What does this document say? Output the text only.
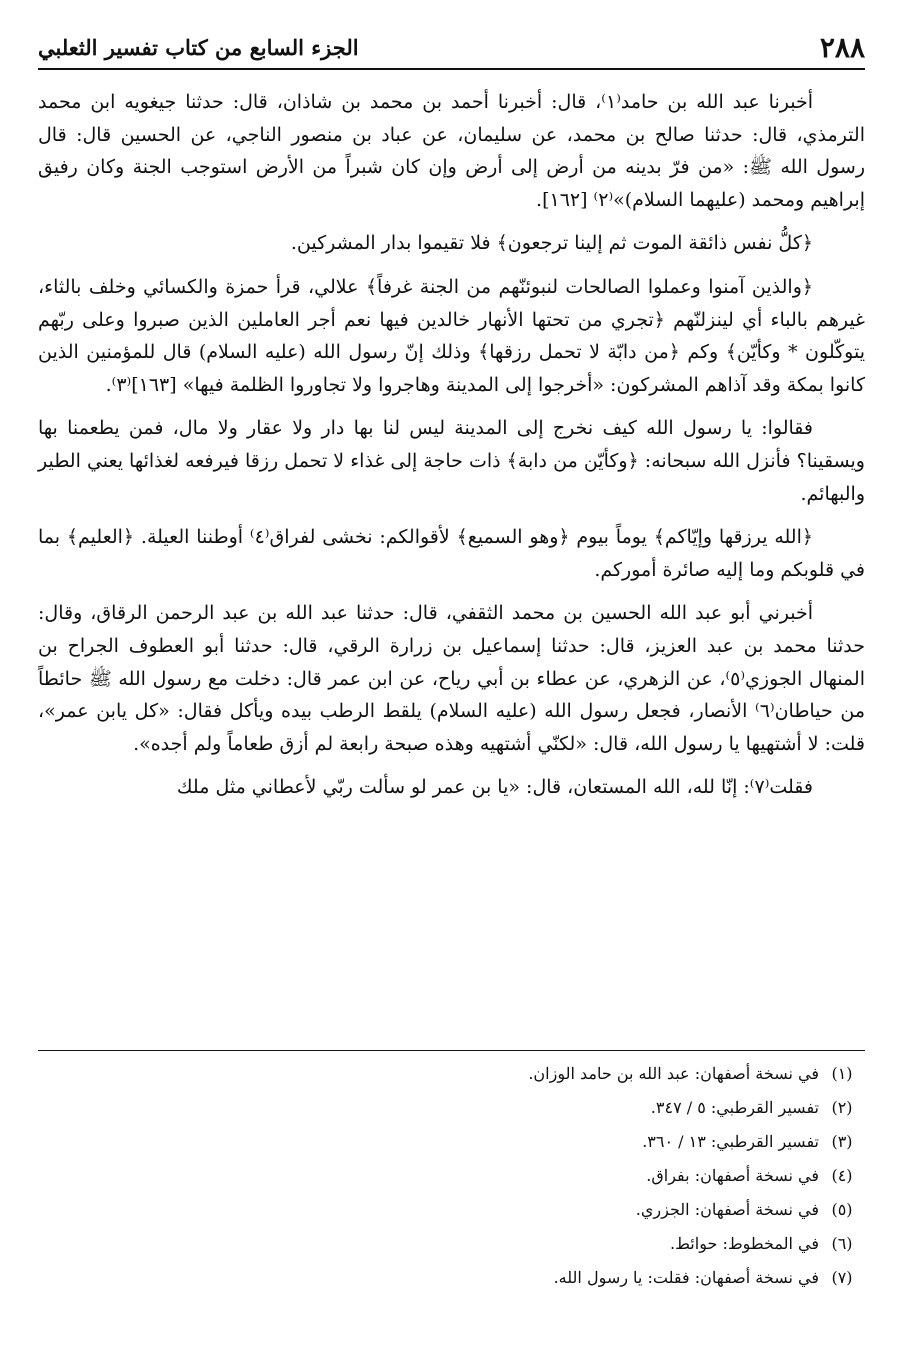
٢٨٨
الجزء السابع من كتاب تفسير الثعلبي

أخبرنا عبد الله بن حامد⁽١⁾، قال: أخبرنا أحمد بن محمد بن شاذان، قال: حدثنا جيغويه ابن محمد الترمذي، قال: حدثنا صالح بن محمد، عن سليمان، عن عباد بن منصور الناجي، عن الحسين قال: قال رسول الله ﷺ: «من فرّ بدينه من أرض إلى أرض وإن كان شبراً من الأرض استوجب الجنة وكان رفيق إبراهيم ومحمد (عليهما السلام)»⁽٢⁾ [١٦٢].

﴿كلُّ نفس ذائقة الموت ثم إلينا ترجعون﴾ فلا تقيموا بدار المشركين.

﴿والذين آمنوا وعملوا الصالحات لنبوئنّهم من الجنة غرفاً﴾ علالي، قرأ حمزة والكسائي وخلف بالثاء، غيرهم بالباء أي لينزلنّهم ﴿تجري من تحتها الأنهار خالدين فيها نعم أجر العاملين الذين صبروا وعلى ربّهم يتوكّلون * وكأيّن﴾ وكم ﴿من دابّة لا تحمل رزقها﴾ وذلك إنّ رسول الله (عليه السلام) قال للمؤمنين الذين كانوا بمكة وقد آذاهم المشركون: «أخرجوا إلى المدينة وهاجروا ولا تجاوروا الظلمة فيها» [١٦٣]⁽٣⁾.

فقالوا: يا رسول الله كيف نخرج إلى المدينة ليس لنا بها دار ولا عقار ولا مال، فمن يطعمنا بها ويسقينا؟ فأنزل الله سبحانه: ﴿وكأيّن من دابة﴾ ذات حاجة إلى غذاء لا تحمل رزقا فيرفعه لغذائها يعني الطير والبهائم.

﴿الله يرزقها وإيّاكم﴾ يوماً بيوم ﴿وهو السميع﴾ لأقوالكم: نخشى لفراق⁽٤⁾ أوطننا العيلة. ﴿العليم﴾ بما في قلوبكم وما إليه صائرة أموركم.

أخبرني أبو عبد الله الحسين بن محمد الثقفي، قال: حدثنا عبد الله بن عبد الرحمن الرقاق، وقال: حدثنا محمد بن عبد العزيز، قال: حدثنا إسماعيل بن زرارة الرقي، قال: حدثنا أبو العطوف الجراح بن المنهال الجوزي⁽٥⁾، عن الزهري، عن عطاء بن أبي رياح، عن ابن عمر قال: دخلت مع رسول الله ﷺ حائطاً من حياطان⁽٦⁾ الأنصار، فجعل رسول الله (عليه السلام) يلقط الرطب بيده ويأكل فقال: «كل يابن عمر»، قلت: لا أشتهيها يا رسول الله، قال: «لكنّي أشتهيه وهذه صبحة رابعة لم أزق طعاماً ولم أجده».

فقلت⁽٧⁾: إنّا لله، الله المستعان، قال: «يا بن عمر لو سألت ربّي لأعطاني مثل ملك

(١)في نسخة أصفهان: عبد الله بن حامد الوزان.
(٢)تفسير القرطبي: ٥ / ٣٤٧.
(٣)تفسير القرطبي: ١٣ / ٣٦٠.
(٤)في نسخة أصفهان: بفراق.
(٥)في نسخة أصفهان: الجزري.
(٦)في المخطوط: حوائط.
(٧)في نسخة أصفهان: فقلت: يا رسول الله.
